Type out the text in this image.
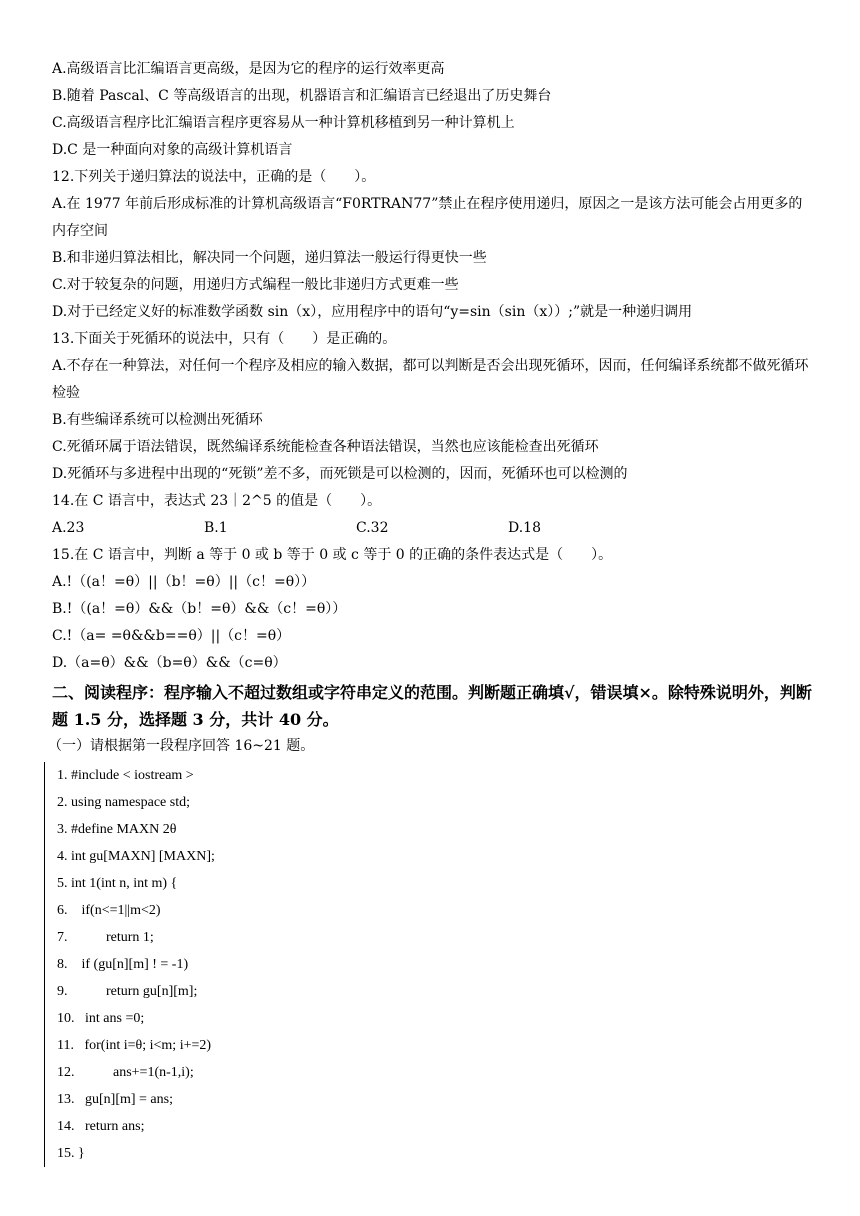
A.高级语言比汇编语言更高级，是因为它的程序的运行效率更高
B.随着 Pascal、C 等高级语言的出现，机器语言和汇编语言已经退出了历史舞台
C.高级语言程序比汇编语言程序更容易从一种计算机移植到另一种计算机上
D.C 是一种面向对象的高级计算机语言
12.下列关于递归算法的说法中，正确的是（　　）。
A.在 1977 年前后形成标准的计算机高级语言“F0RTRAN77”禁止在程序使用递归，原因之一是该方法可能会占用更多的内存空间
B.和非递归算法相比，解决同一个问题，递归算法一般运行得更快一些
C.对于较复杂的问题，用递归方式编程一般比非递归方式更难一些
D.对于已经定义好的标准数学函数 sin（x），应用程序中的语句“y=sin（sin（x））;”就是一种递归调用
13.下面关于死循环的说法中，只有（　　）是正确的。
A.不存在一种算法，对任何一个程序及相应的输入数据，都可以判断是否会出现死循环，因而，任何编译系统都不做死循环检验
B.有些编译系统可以检测出死循环
C.死循环属于语法错误，既然编译系统能检查各种语法错误，当然也应该能检查出死循环
D.死循环与多进程中出现的“死锁”差不多，而死锁是可以检测的，因而，死循环也可以检测的
14.在 C 语言中，表达式 23｜2^5 的值是（　　）。
A.23	B.1	C.32	D.18
15.在 C 语言中，判断 a 等于 0 或 b 等于 0 或 c 等于 0 的正确的条件表达式是（　　）。
A.!（(a！=θ）||（b！=θ）||（c！=θ））
B.!（(a！=θ）&&（b！=θ）&&（c！=θ））
C.!（a= =θ&&b==θ）||（c！=θ）
D.（a=θ）&&（b=θ）&&（c=θ）
二、阅读程序：程序输入不超过数组或字符串定义的范围。判断题正确填√，错误填×。除特殊说明外，判断题 1.5 分，选择题 3 分，共计 40 分。
（一）请根据第一段程序回答 16~21 题。
1. #include < iostream >
2. using namespace std;
3. #define MAXN 2θ
4. int gu[MAXN] [MAXN];
5. int 1(int n, int m) {
6.    if(n<=1||m<2)
7.           return 1;
8.    if (gu[n][m] ! = -1)
9.           return gu[n][m];
10.   int ans =0;
11.   for(int i=θ; i<m; i+=2)
12.           ans+=1(n-1,i);
13.   gu[n][m] = ans;
14.   return ans;
15. }
